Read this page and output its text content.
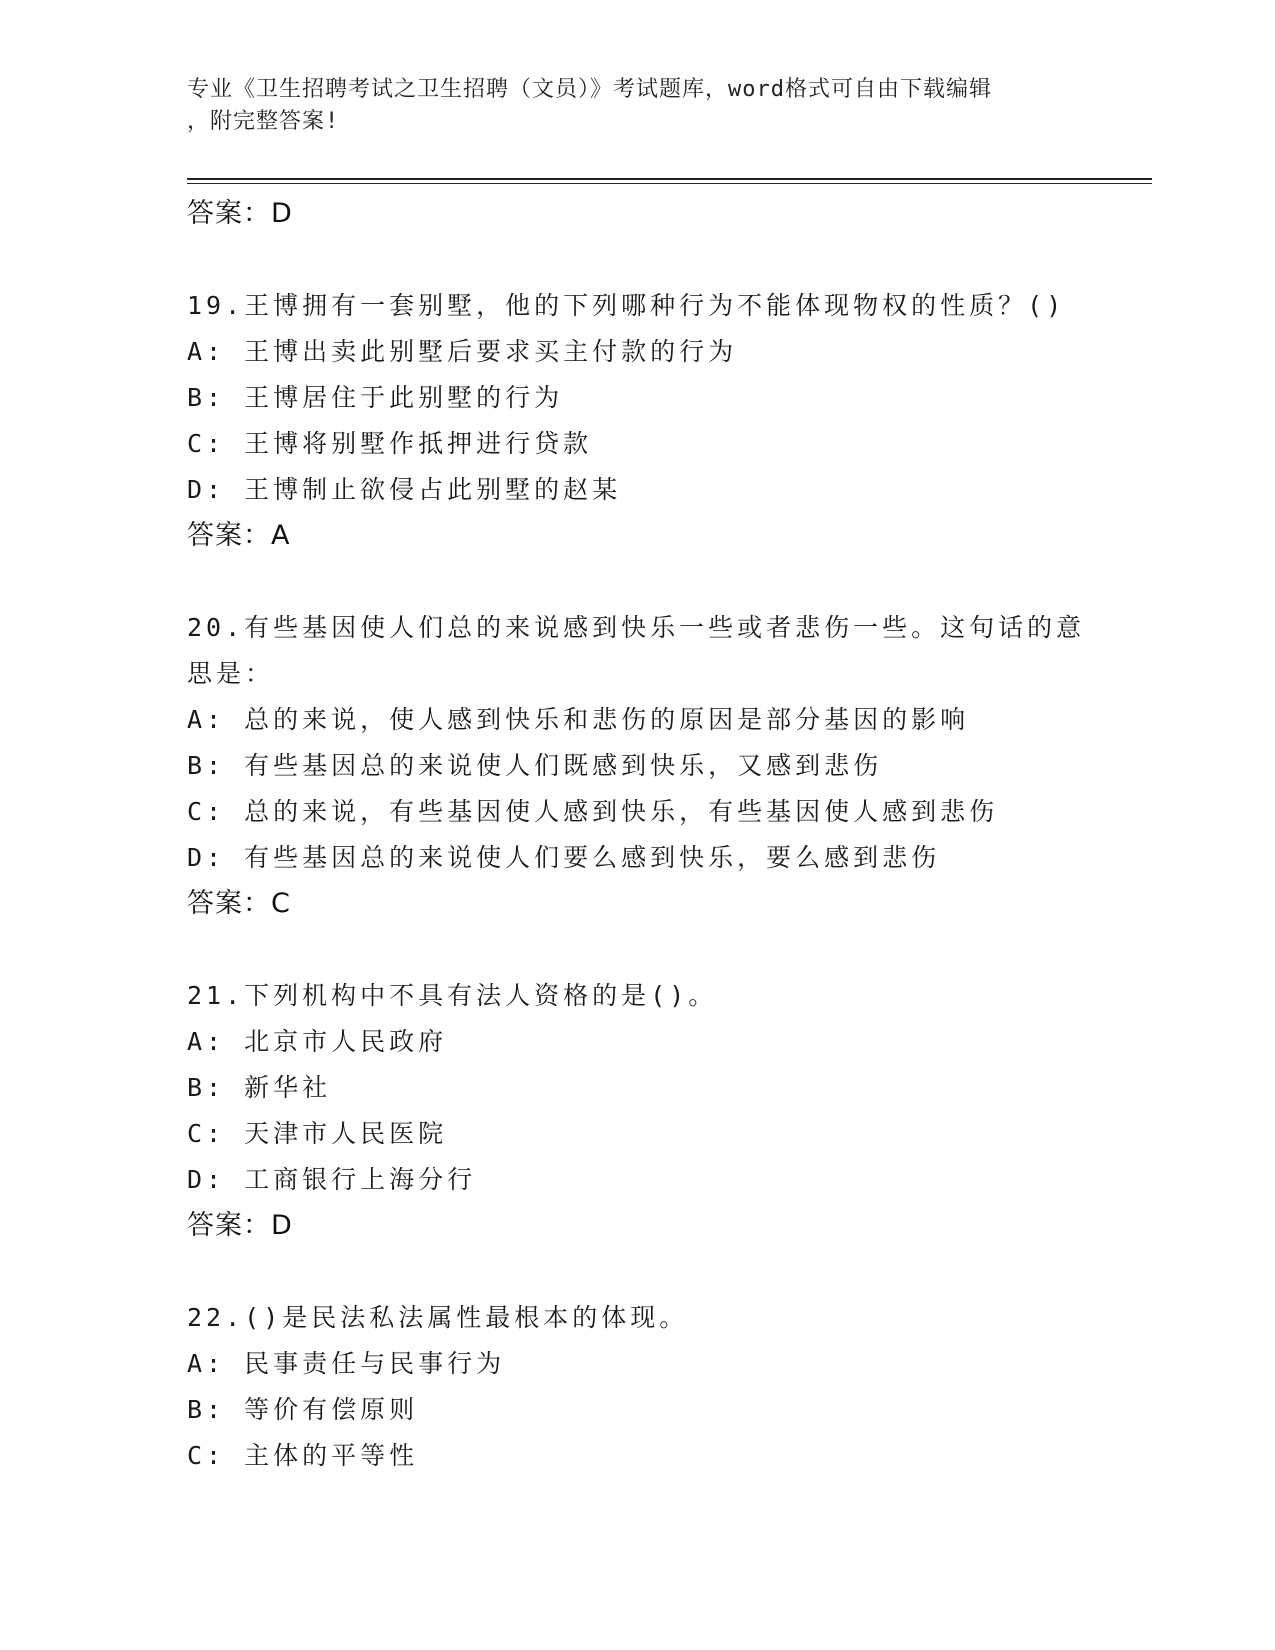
专业《卫生招聘考试之卫生招聘（文员）》考试题库，word格式可自由下载编辑
，附完整答案!
答案：D
19.王博拥有一套别墅，他的下列哪种行为不能体现物权的性质？()
A: 王博出卖此别墅后要求买主付款的行为
B: 王博居住于此别墅的行为
C: 王博将别墅作抵押进行贷款
D: 王博制止欲侵占此别墅的赵某
答案：A
20.有些基因使人们总的来说感到快乐一些或者悲伤一些。这句话的意
思是：
A: 总的来说，使人感到快乐和悲伤的原因是部分基因的影响
B: 有些基因总的来说使人们既感到快乐，又感到悲伤
C: 总的来说，有些基因使人感到快乐，有些基因使人感到悲伤
D: 有些基因总的来说使人们要么感到快乐，要么感到悲伤
答案：C
21.下列机构中不具有法人资格的是()。
A: 北京市人民政府
B: 新华社
C: 天津市人民医院
D: 工商银行上海分行
答案：D
22.()是民法私法属性最根本的体现。
A: 民事责任与民事行为
B: 等价有偿原则
C: 主体的平等性
